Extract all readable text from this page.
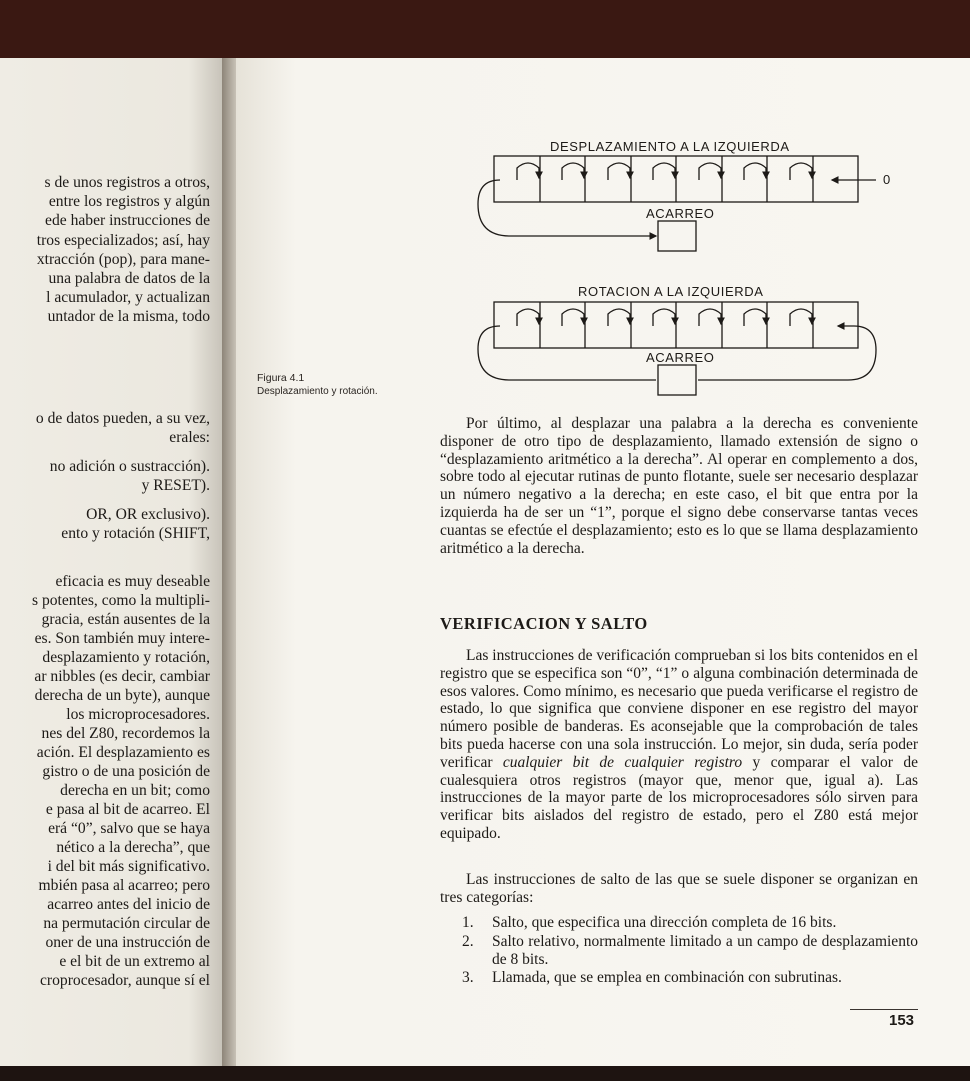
s de unos registros a otros,
entre los registros y algún
ede haber instrucciones de
tros especializados; así, hay
xtracción (pop), para mane-
una palabra de datos de la
l acumulador, y actualizan
untador de la misma, todo
o de datos pueden, a su vez,
erales:
no adición o sustracción).
y RESET).
OR, OR exclusivo).
ento y rotación (SHIFT,
eficacia es muy deseable
s potentes, como la multipli-
gracia, están ausentes de la
es. Son también muy intere-
desplazamiento y rotación,
ar nibbles (es decir, cambiar
derecha de un byte), aunque
los microprocesadores.
nes del Z80, recordemos la
ación. El desplazamiento es
gistro o de una posición de
derecha en un bit; como
e pasa al bit de acarreo. El
erá “0”, salvo que se haya
nético a la derecha”, que
i del bit más significativo.
mbién pasa al acarreo; pero
acarreo antes del inicio de
na permutación circular de
oner de una instrucción de
e el bit de un extremo al
croprocesador, aunque sí el
DESPLAZAMIENTO A LA IZQUIERDA
0
ACARREO
ROTACION A LA IZQUIERDA
ACARREO
Figura 4.1
Desplazamiento y rotación.
Por último, al desplazar una palabra a la derecha es conveniente disponer de otro tipo de desplazamiento, llamado extensión de signo o “desplazamiento aritmético a la derecha”. Al operar en complemento a dos, sobre todo al ejecutar rutinas de punto flotante, suele ser necesario desplazar un número negativo a la derecha; en este caso, el bit que entra por la izquierda ha de ser un “1”, porque el signo debe conservarse tantas veces cuantas se efectúe el desplazamiento; esto es lo que se llama desplazamiento aritmético a la derecha.
VERIFICACION Y SALTO
Las instrucciones de verificación comprueban si los bits contenidos en el registro que se especifica son “0”, “1” o alguna combinación determinada de esos valores. Como mínimo, es necesario que pueda verificarse el registro de estado, lo que significa que conviene disponer en ese registro del mayor número posible de banderas. Es aconsejable que la comprobación de tales bits pueda hacerse con una sola instrucción. Lo mejor, sin duda, sería poder verificar cualquier bit de cualquier registro y comparar el valor de cualesquiera otros registros (mayor que, menor que, igual a). Las instrucciones de la mayor parte de los microprocesadores sólo sirven para verificar bits aislados del registro de estado, pero el Z80 está mejor equipado.
Las instrucciones de salto de las que se suele disponer se organizan en tres categorías:
1. Salto, que especifica una dirección completa de 16 bits.
2. Salto relativo, normalmente limitado a un campo de desplazamiento de 8 bits.
3. Llamada, que se emplea en combinación con subrutinas.
153
